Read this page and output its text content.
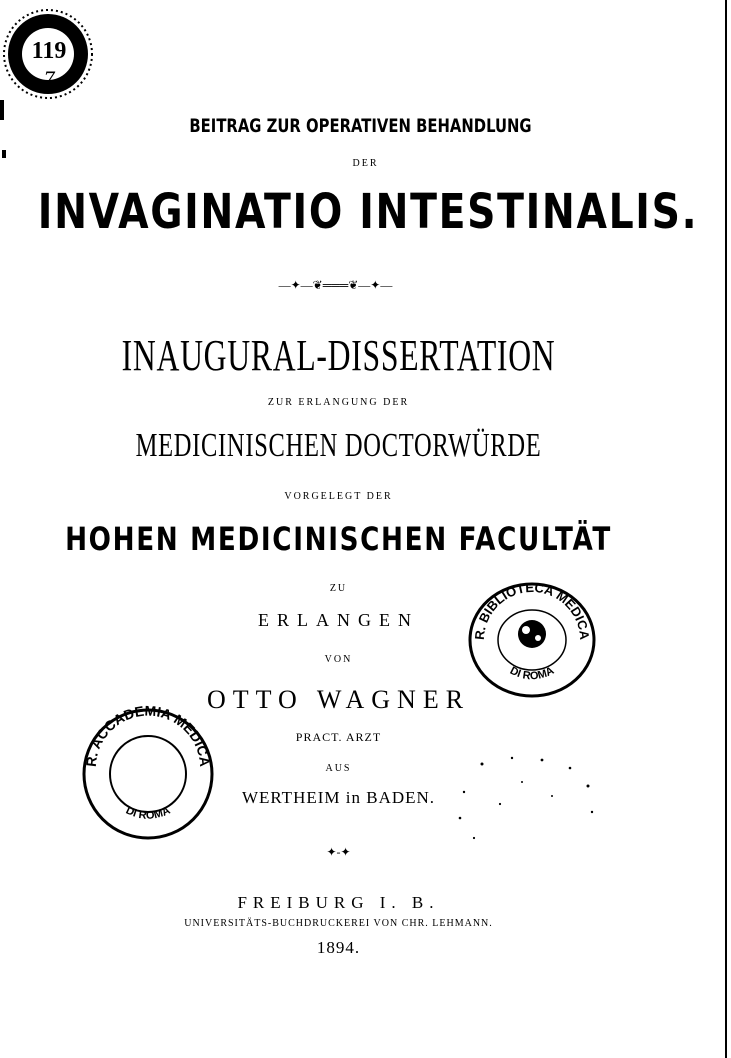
119
7
BEITRAG ZUR OPERATIVEN BEHANDLUNG
DER
INVAGINATIO INTESTINALIS.
—✦—❦═══❦—✦—
INAUGURAL-DISSERTATION
ZUR ERLANGUNG DER
MEDICINISCHEN DOCTORWÜRDE
VORGELEGT DER
HOHEN MEDICINISCHEN FACULTÄT
ZU
ERLANGEN
VON
OTTO WAGNER
PRACT. ARZT
AUS
WERTHEIM in BADEN.
✦-✦
FREIBURG I. B.
UNIVERSITÄTS-BUCHDRUCKEREI VON CHR. LEHMANN.
1894.
R. BIBLIOTECA MEDICA
DI ROMA
R. ACCADEMIA MEDICA
DI ROMA
